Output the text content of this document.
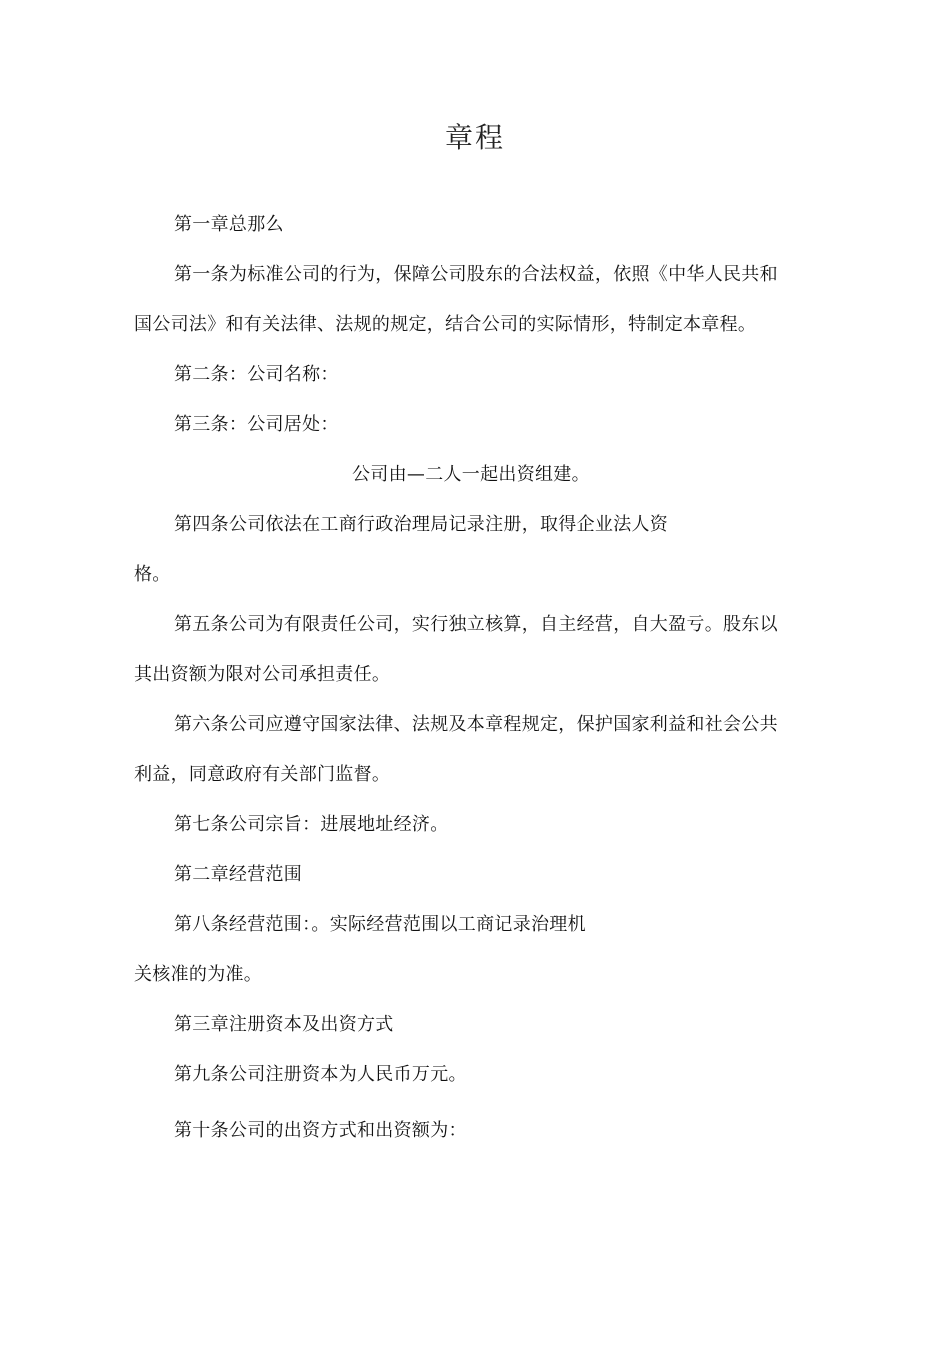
章程
第一章总那么
第一条为标准公司的行为，保障公司股东的合法权益，依照《中华人民共和
国公司法》和有关法律、法规的规定，结合公司的实际情形，特制定本章程。
第二条：公司名称：
第三条：公司居处：
公司由—二人一起出资组建。
第四条公司依法在工商行政治理局记录注册，取得企业法人资
格。
第五条公司为有限责任公司，实行独立核算，自主经营，自大盈亏。股东以
其出资额为限对公司承担责任。
第六条公司应遵守国家法律、法规及本章程规定，保护国家利益和社会公共
利益，同意政府有关部门监督。
第七条公司宗旨：进展地址经济。
第二章经营范围
第八条经营范围：。实际经营范围以工商记录治理机
关核准的为准。
第三章注册资本及出资方式
第九条公司注册资本为人民币万元。
第十条公司的出资方式和出资额为：
